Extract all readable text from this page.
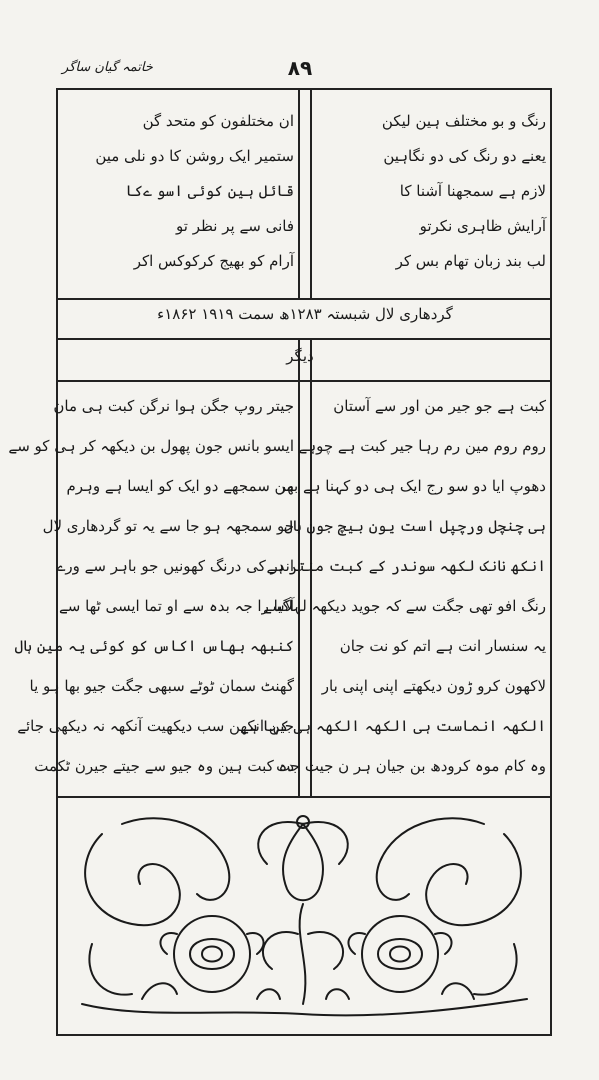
خاتمہ گیان ساگر	۸۹
رنگ و بو مختلف ہین لیکن
یعنے دو رنگ کی دو نگاہین
لازم ہے سمجھنا آشنا کا
آرایش ظاہری نکرتو
لب بند زبان تھام بس کر
ان مختلفون کو متحد گن
ستمیر ایک روشن کا دو نلی مین
قائل ہین کوئی اسو ےکا
فانی سے پر نظر تو
آرام کو بھیج کرکوکس اکر
گردھاری لال شبستہ ۱۲۸۳ھ سمت ۱۹۱۹ ۱۸۶۲ء
دیگر
کبت ہے جو جیر من اور سے آستان
روم روم مین رم رہا جیر کبت ہے چوہے
دھوپ ایا دو سو رج ایک ہی دو کہنا ہے بھر
ہی چنچل ورچپل است یون بیچ جون ہال
انکھ نانک لکھہ سوندر کے کبت منتر ہے
رنگ افو تھی جگت سے کہ جوید دیکھہ لہلاسے
یہ سنسار انت ہے اتم کو نت جان
لاکھون کرو ڑون دیکھتے اپنی اپنی بار
الکھہ انماست ہی الکھہ الکھہ ہی کہا ہے
وہ کام موہ کرودھ بن جیان ہر ن جیت جت
جیتر روپ جگن ہوا نرگن کبت ہی مان
ایسو بانس جون پھول بن دیکھہ کر ہی کو سے
من سمجھے دو ایک کو ایسا ہے وہرم
جو سمجھہ ہو جا سے یہ تو گردھاری لال
اندر کی درنگ کھونیں جو باہر سے ورے
آگیا را جہ بدہ سے او تما ایسی ٹھا سے
کنبھہ بھاس اکاس کو کوئی یہ مین ہال
گھنٹ سمان ٹوٹے سبھی جگت جیو بھا ہو یا
جین انکھن سب دیکھیت آنکھہ نہ دیکھی جائے
دہ کبت ہین وہ جیو سے جیتے جیرن ٹکمت
